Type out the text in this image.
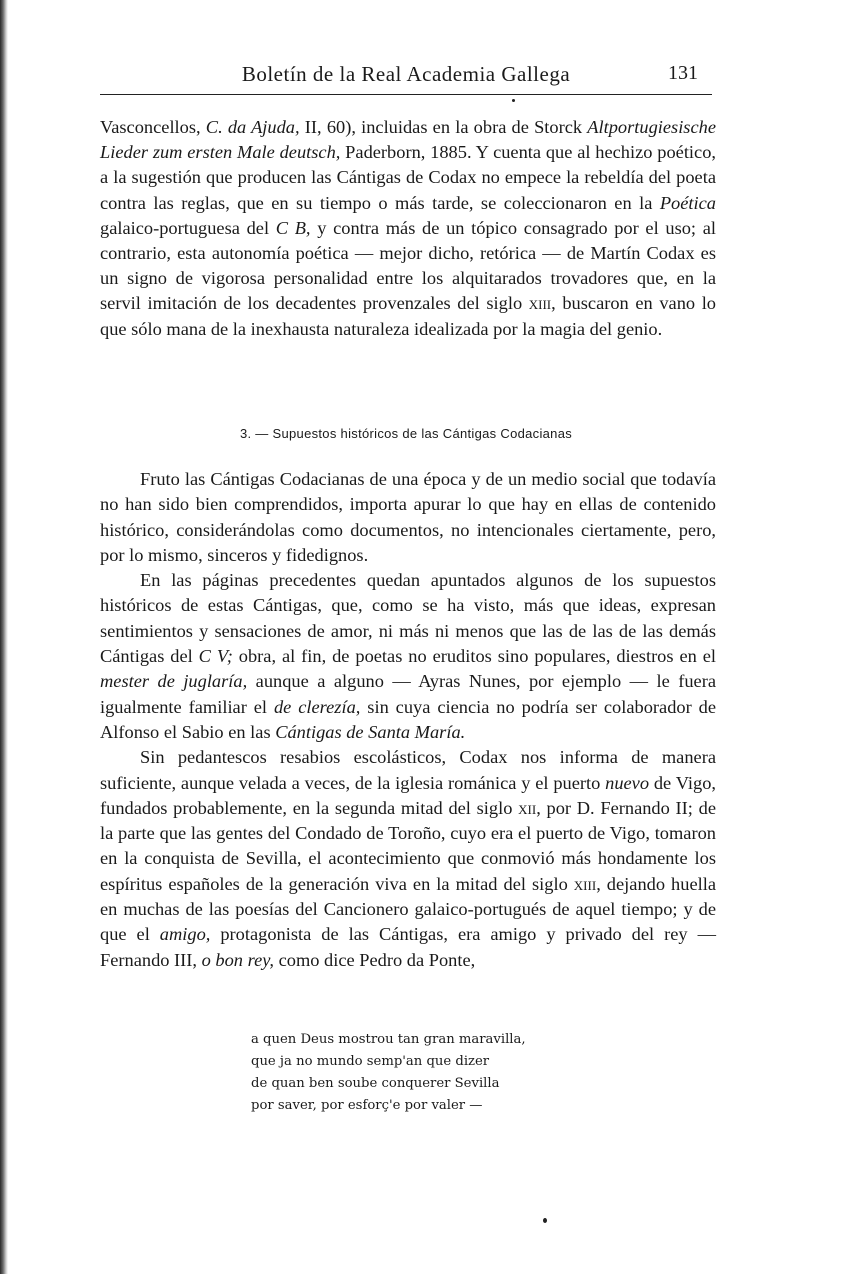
Boletín de la Real Academia Gallega	131

Vasconcellos, C. da Ajuda, II, 60), incluidas en la obra de Storck Altportugiesische Lieder zum ersten Male deutsch, Paderborn, 1885. Y cuenta que al hechizo poético, a la sugestión que producen las Cántigas de Codax no empece la rebeldía del poeta contra las reglas, que en su tiempo o más tarde, se coleccionaron en la Poética galaico-portuguesa del C B, y contra más de un tópico consagrado por el uso; al contrario, esta autonomía poética — mejor dicho, retórica — de Martín Codax es un signo de vigorosa personalidad entre los alquitarados trovadores que, en la servil imitación de los decadentes provenzales del siglo xiii, buscaron en vano lo que sólo mana de la inexhausta naturaleza idealizada por la magia del genio.

3. — Supuestos históricos de las Cántigas Codacianas

Fruto las Cántigas Codacianas de una época y de un medio social que todavía no han sido bien comprendidos, importa apurar lo que hay en ellas de contenido histórico, considerándolas como documentos, no intencionales ciertamente, pero, por lo mismo, sinceros y fidedignos.

En las páginas precedentes quedan apuntados algunos de los supuestos históricos de estas Cántigas, que, como se ha visto, más que ideas, expresan sentimientos y sensaciones de amor, ni más ni menos que las de las de las demás Cántigas del C V; obra, al fin, de poetas no eruditos sino populares, diestros en el mester de juglaría, aunque a alguno — Ayras Nunes, por ejemplo — le fuera igualmente familiar el de clerezía, sin cuya ciencia no podría ser colaborador de Alfonso el Sabio en las Cántigas de Santa María.

Sin pedantescos resabios escolásticos, Codax nos informa de manera suficiente, aunque velada a veces, de la iglesia románica y el puerto nuevo de Vigo, fundados probablemente, en la segunda mitad del siglo xii, por D. Fernando II; de la parte que las gentes del Condado de Toroño, cuyo era el puerto de Vigo, tomaron en la conquista de Sevilla, el acontecimiento que conmovió más hondamente los espíritus españoles de la generación viva en la mitad del siglo xiii, dejando huella en muchas de las poesías del Cancionero galaico-portugués de aquel tiempo; y de que el amigo, protagonista de las Cántigas, era amigo y privado del rey — Fernando III, o bon rey, como dice Pedro da Ponte,

a quen Deus mostrou tan gran maravilla,
que ja no mundo semp'an que dizer
de quan ben soube conquerer Sevilla
por saver, por esforç'e por valer —
